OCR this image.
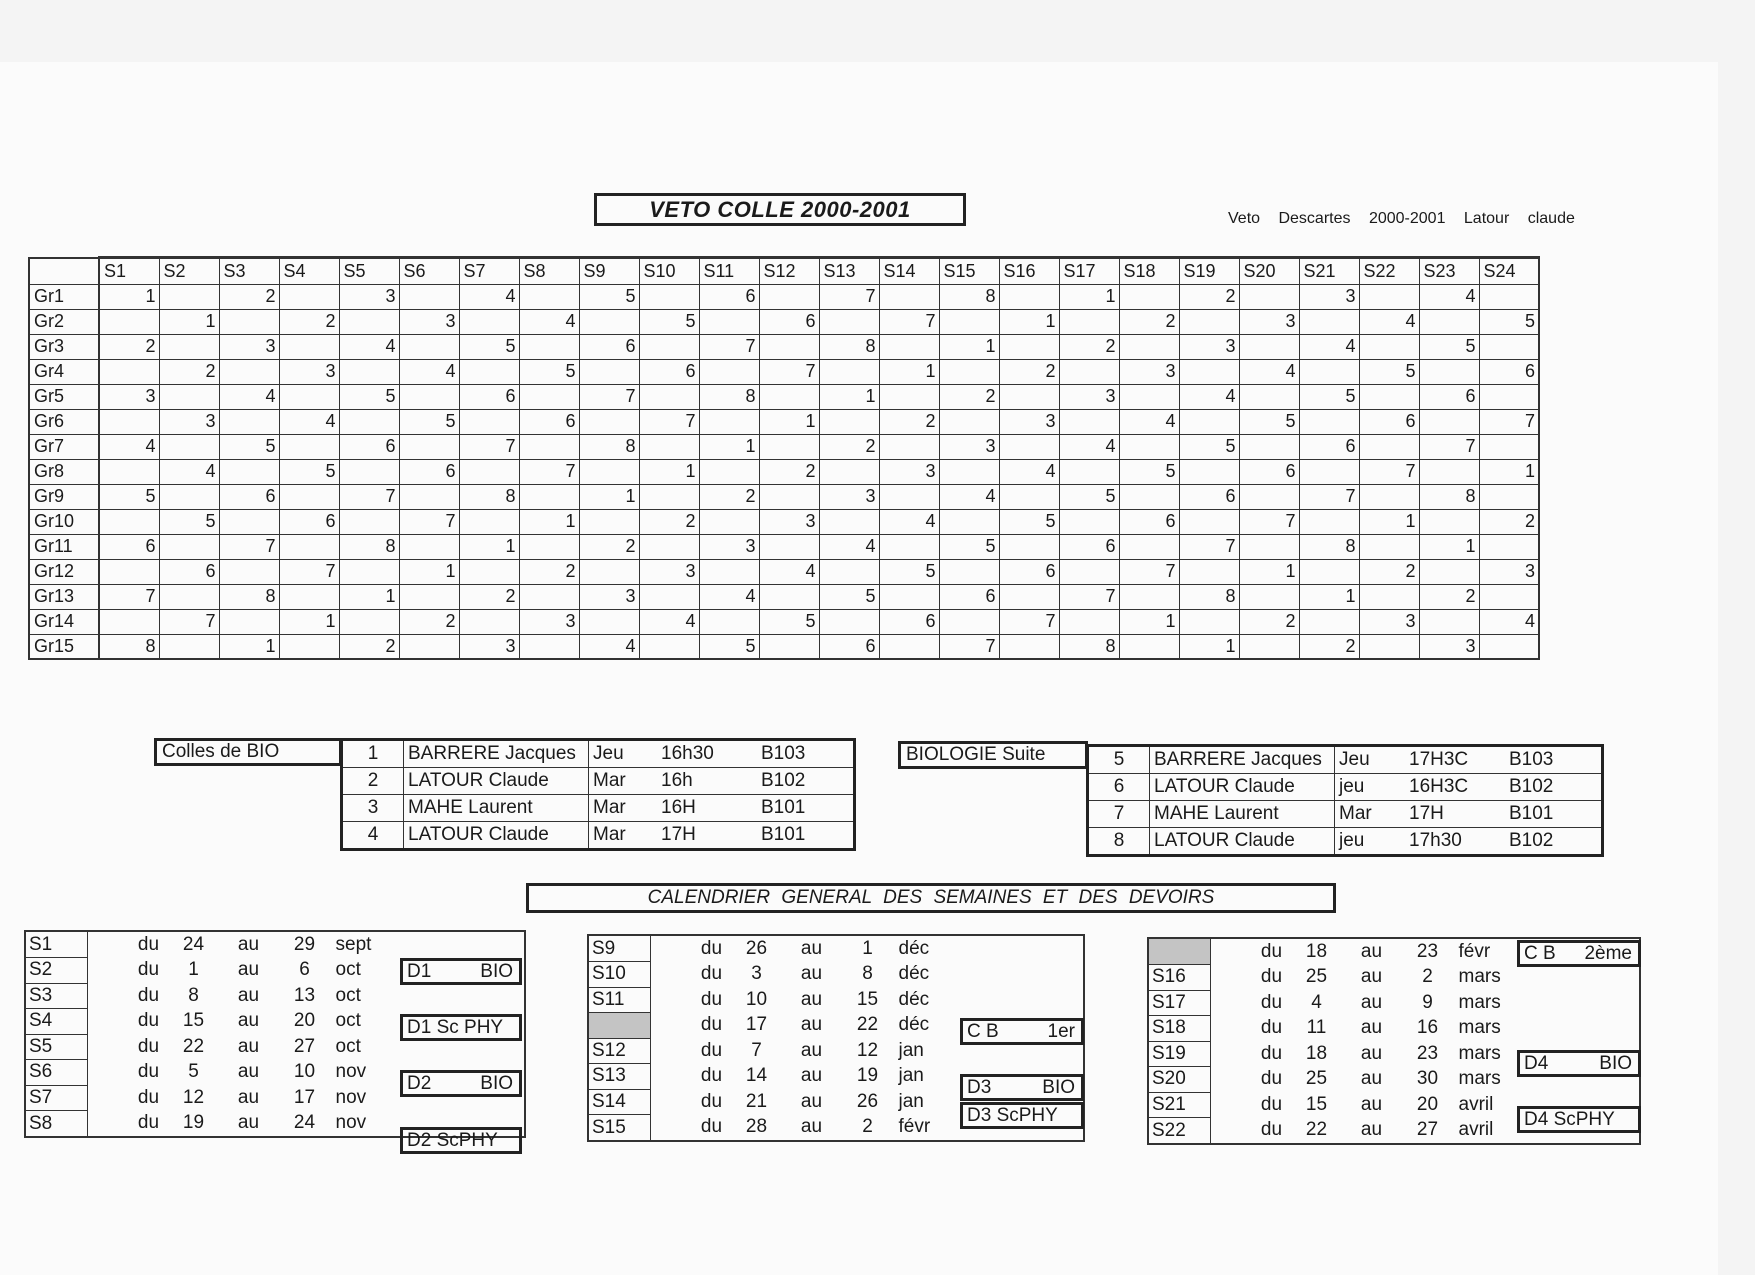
VETO COLLE 2000-2001	Veto Descartes 2000-2001 Latour claude
	S1	S2	S3	S4	S5	S6	S7	S8	S9	S10	S11	S12	S13	S14	S15	S16	S17	S18	S19	S20	S21	S22	S23	S24
Gr1	1		2		3		4		5		6		7		8		1		2		3		4	
Gr2		1		2		3		4		5		6		7		1		2		3		4		5
Gr3	2		3		4		5		6		7		8		1		2		3		4		5	
Gr4		2		3		4		5		6		7		1		2		3		4		5		6
Gr5	3		4		5		6		7		8		1		2		3		4		5		6	
Gr6		3		4		5		6		7		1		2		3		4		5		6		7
Gr7	4		5		6		7		8		1		2		3		4		5		6		7	
Gr8		4		5		6		7		1		2		3		4		5		6		7		1
Gr9	5		6		7		8		1		2		3		4		5		6		7		8	
Gr10		5		6		7		1		2		3		4		5		6		7		1		2
Gr11	6		7		8		1		2		3		4		5		6		7		8		1	
Gr12		6		7		1		2		3		4		5		6		7		1		2		3
Gr13	7		8		1		2		3		4		5		6		7		8		1		2	
Gr14		7		1		2		3		4		5		6		7		1		2		3		4
Gr15	8		1		2		3		4		5		6		7		8		1		2		3	
Colles de BIO	1	BARRERE Jacques	Jeu	16h30	B103
2	LATOUR Claude	Mar	16h	B102
3	MAHE Laurent	Mar	16H	B101
4	LATOUR Claude	Mar	17H	B101
BIOLOGIE Suite	5	BARRERE Jacques	Jeu	17H3C	B103
6	LATOUR Claude	jeu	16H3C	B102
7	MAHE Laurent	Mar	17H	B101
8	LATOUR Claude	jeu	17h30	B102
CALENDRIER GENERAL DES SEMAINES ET DES DEVOIRS
S1		du	24	au	29	sept	
S2		du	1	au	6	oct	
S3		du	8	au	13	oct	
S4		du	15	au	20	oct	
S5		du	22	au	27	oct	
S6		du	5	au	10	nov	
S7		du	12	au	17	nov	
S8		du	19	au	24	nov	
S9		du	26	au	1	déc	
S10		du	3	au	8	déc	
S11		du	10	au	15	déc	
		du	17	au	22	déc	
S12		du	7	au	12	jan	
S13		du	14	au	19	jan	
S14		du	21	au	26	jan	
S15		du	28	au	2	févr	
		du	18	au	23	févr	
S16		du	25	au	2	mars	
S17		du	4	au	9	mars	
S18		du	11	au	16	mars	
S19		du	18	au	23	mars	
S20		du	25	au	30	mars	
S21		du	15	au	20	avril	
S22		du	22	au	27	avril	
D1	BIO
D1 Sc PHY
D2	BIO
D2 ScPHY
C B	1er
D3	BIO
D3 ScPHY
C B 2ème
D4	BIO
D4 ScPHY
